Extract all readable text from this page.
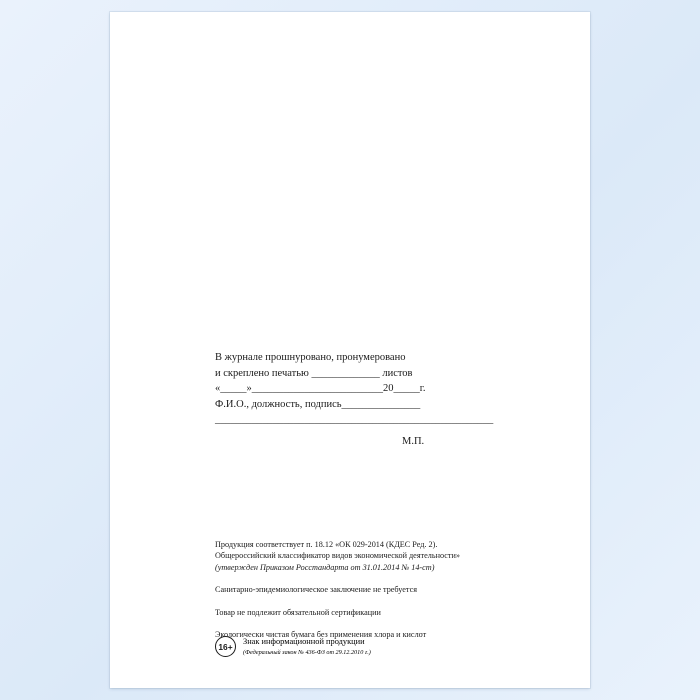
В журнале прошнуровано, пронумеровано
и скреплено печатью _____________ листов
«_____»_________________________20_____г.
Ф.И.О., должность, подпись_______________
_____________________________________________________
М.П.
Продукция соответствует п. 18.12 «ОК 029-2014 (КДЕС Ред. 2).
Общероссийский классификатор видов экономической деятельности»
(утвержден Приказом Росстандарта от 31.01.2014 № 14-ст)
Санитарно-эпидемиологическое заключение не требуется
Товар не подлежит обязательной сертификации
Экологически чистая бумага без применения хлора и кислот
16+	Знак информационной продукции
(Федеральный закон № 436-ФЗ от 29.12.2010 г.)
